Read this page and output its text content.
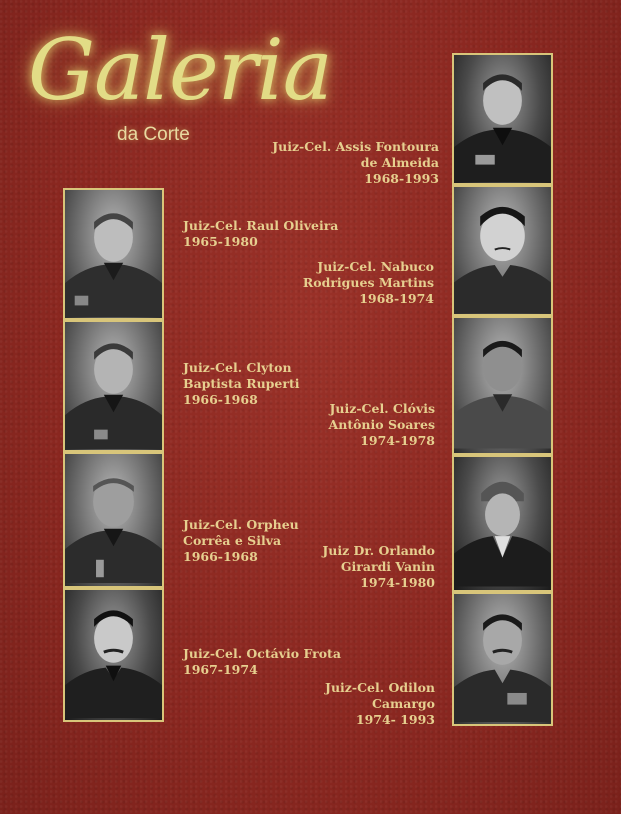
Galeria
da Corte
Juiz-Cel. Raul Oliveira
1965-1980
Juiz-Cel. Clyton
Baptista Ruperti
1966-1968
Juiz-Cel. Orpheu
Corrêa e Silva
1966-1968
Juiz-Cel. Octávio Frota
1967-1974
Juiz-Cel. Assis Fontoura
de Almeida
1968-1993
Juiz-Cel. Nabuco
Rodrigues Martins
1968-1974
Juiz-Cel. Clóvis
Antônio Soares
1974-1978
Juiz Dr. Orlando
Girardi Vanin
1974-1980
Juiz-Cel. Odilon
Camargo
1974- 1993
